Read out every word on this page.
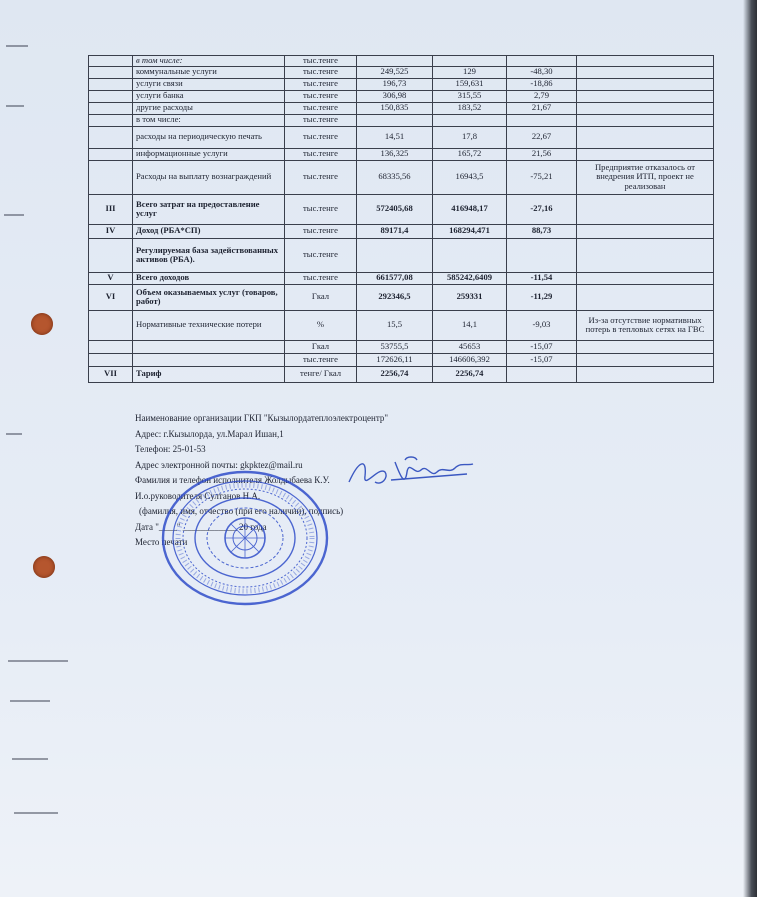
	в том числе:	тыс.тенге				
	коммунальные услуги	тыс.тенге	249,525	129	-48,30	
	услуги связи	тыс.тенге	196,73	159,631	-18,86	
	услуги банка	тыс.тенге	306,98	315,55	2,79	
	другие расходы	тыс.тенге	150,835	183,52	21,67	
	в том числе:	тыс.тенге				
	расходы на периодическую печать	тыс.тенге	14,51	17,8	22,67	
	информационные услуги	тыс.тенге	136,325	165,72	21,56	
	Расходы на выплату вознаграждений	тыс.тенге	68335,56	16943,5	-75,21	Предприятие отказалось от внедрения ИТП, проект не реализован
III	Всего затрат на предоставление услуг	тыс.тенге	572405,68	416948,17	-27,16	
IV	Доход (РБА*СП)	тыс.тенге	89171,4	168294,471	88,73	
	Регулируемая база задействованных активов (РБА).	тыс.тенге				
V	Всего доходов	тыс.тенге	661577,08	585242,6409	-11,54	
VI	Объем оказываемых услуг (товаров, работ)	Гкал	292346,5	259331	-11,29	
	Нормативные технические потери	%	15,5	14,1	-9,03	Из-за отсутствие нормативных потерь в тепловых сетях на ГВС
		Гкал	53755,5	45653	-15,07	
		тыс.тенге	172626,11	146606,392	-15,07	
VII	Тариф	тенге/ Гкал	2256,74	2256,74		
Наименование организации ГКП "Кызылордатеплоэлектроцентр"
Адрес: г.Кызылорда, ул.Марал Ишан,1
Телефон: 25-01-53
Адрес электронной почты: gkpktez@mail.ru
Фамилия и телефон исполнителя Жолдыбаева К.У.
И.о.руководителя Султанов Н.А.
(фамилия, имя, отчество (при его наличии), подпись)
Дата "____" ____________ 20 года
Место печати
